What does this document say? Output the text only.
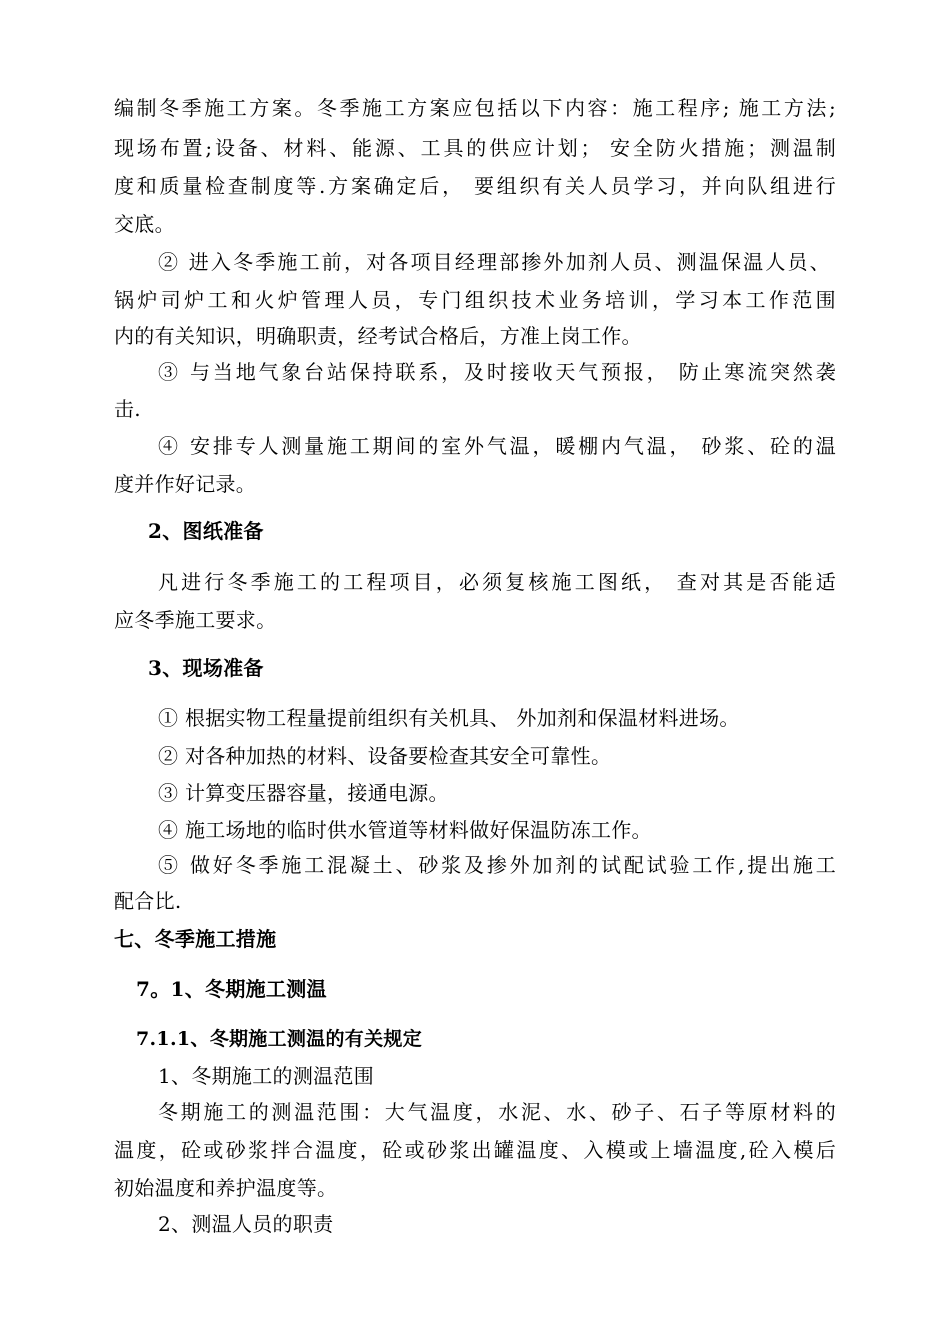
编制冬季施工方案。冬季施工方案应包括以下内容：施工程序; 施工方法;
现场布置;设备、材料、能源、工具的供应计划； 安全防火措施；测温制
度和质量检查制度等.方案确定后， 要组织有关人员学习，并向队组进行
交底。
② 进入冬季施工前，对各项目经理部掺外加剂人员、测温保温人员、
锅炉司炉工和火炉管理人员，专门组织技术业务培训，学习本工作范围
内的有关知识，明确职责，经考试合格后，方准上岗工作。
③ 与当地气象台站保持联系，及时接收天气预报， 防止寒流突然袭
击.
④ 安排专人测量施工期间的室外气温，暖棚内气温， 砂浆、砼的温
度并作好记录。
2、图纸准备
凡进行冬季施工的工程项目，必须复核施工图纸， 查对其是否能适
应冬季施工要求。
3、现场准备
① 根据实物工程量提前组织有关机具、 外加剂和保温材料进场。
② 对各种加热的材料、设备要检查其安全可靠性。
③ 计算变压器容量，接通电源。
④ 施工场地的临时供水管道等材料做好保温防冻工作。
⑤ 做好冬季施工混凝土、砂浆及掺外加剂的试配试验工作,提出施工
配合比.
七、冬季施工措施
7。1、冬期施工测温
7.1.1、冬期施工测温的有关规定
1、冬期施工的测温范围
冬期施工的测温范围：大气温度，水泥、水、砂子、石子等原材料的
温度，砼或砂浆拌合温度，砼或砂浆出罐温度、入模或上墙温度,砼入模后
初始温度和养护温度等。
2、测温人员的职责
